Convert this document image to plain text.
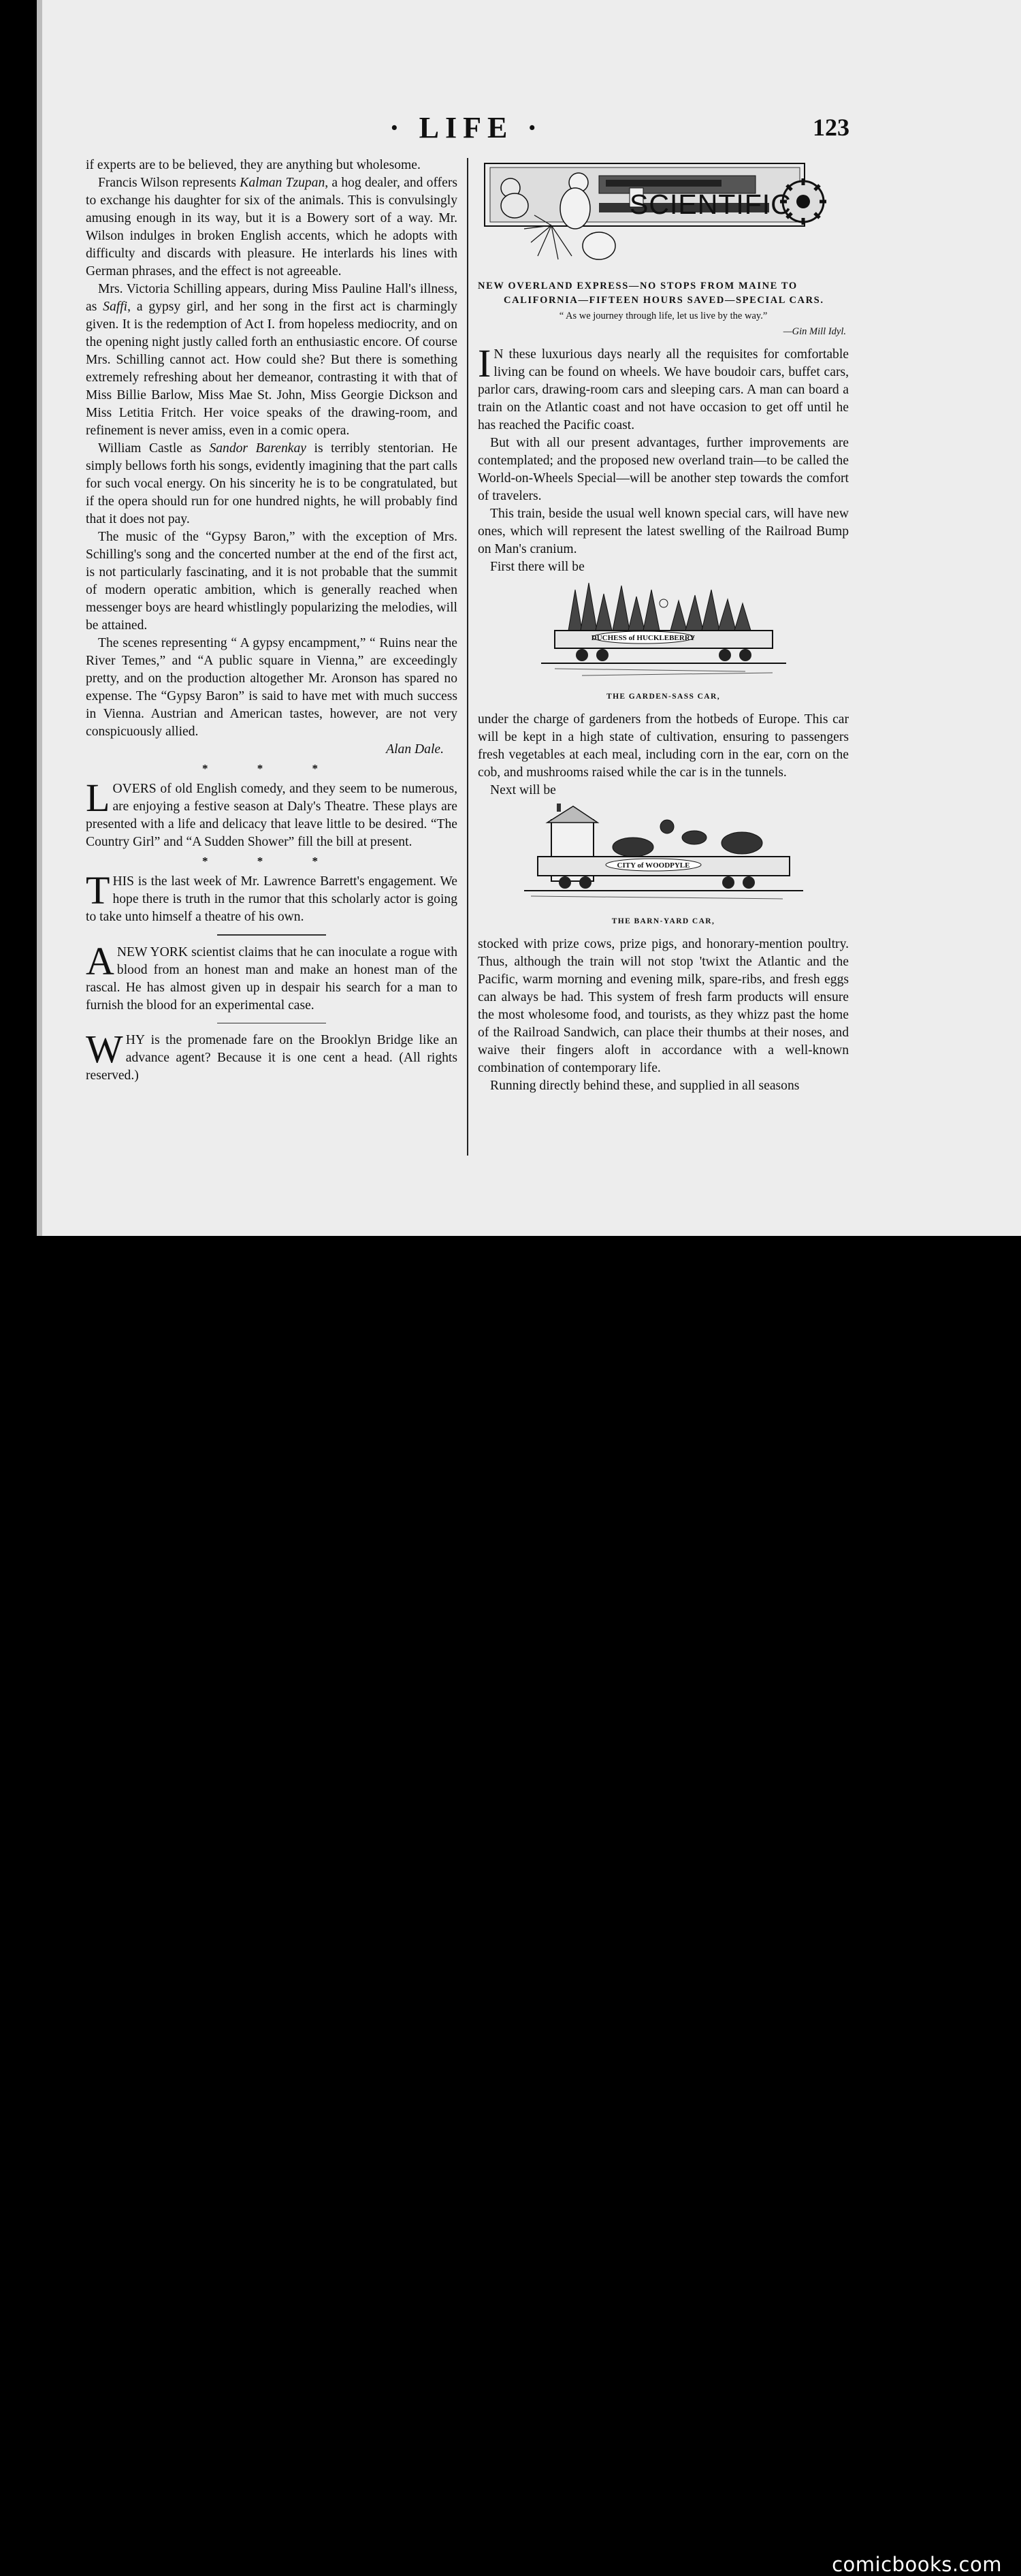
· LIFE ·	123

if experts are to be believed, they are anything but wholesome.

Francis Wilson represents Kalman Tzupan, a hog dealer, and offers to exchange his daughter for six of the animals. This is convulsingly amusing enough in its way, but it is a Bowery sort of a way. Mr. Wilson indulges in broken English accents, which he adopts with difficulty and discards with pleasure. He interlards his lines with German phrases, and the effect is not agreeable.

Mrs. Victoria Schilling appears, during Miss Pauline Hall's illness, as Saffi, a gypsy girl, and her song in the first act is charmingly given. It is the redemption of Act I. from hopeless mediocrity, and on the opening night justly called forth an enthusiastic encore. Of course Mrs. Schilling cannot act. How could she? But there is something extremely refreshing about her demeanor, contrasting it with that of Miss Billie Barlow, Miss Mae St. John, Miss Georgie Dickson and Miss Letitia Fritch. Her voice speaks of the drawing-room, and refinement is never amiss, even in a comic opera.

William Castle as Sandor Barenkay is terribly stentorian. He simply bellows forth his songs, evidently imagining that the part calls for such vocal energy. On his sincerity he is to be congratulated, but if the opera should run for one hundred nights, he will probably find that it does not pay.

The music of the “Gypsy Baron,” with the exception of Mrs. Schilling's song and the concerted number at the end of the first act, is not particularly fascinating, and it is not probable that the summit of modern operatic ambition, which is generally reached when messenger boys are heard whistlingly popularizing the melodies, will be attained.

The scenes representing “ A gypsy encampment,” “ Ruins near the River Temes,” and “A public square in Vienna,” are exceedingly pretty, and on the production altogether Mr. Aronson has spared no expense. The “Gypsy Baron” is said to have met with much success in Vienna. Austrian and American tastes, however, are not very conspicuously allied.

Alan Dale.
* * *

LOVERS of old English comedy, and they seem to be numerous, are enjoying a festive season at Daly's Theatre. These plays are presented with a life and delicacy that leave little to be desired. “The Country Girl” and “A Sudden Shower” fill the bill at present.

* * *

THIS is the last week of Mr. Lawrence Barrett's engagement. We hope there is truth in the rumor that this scholarly actor is going to take unto himself a theatre of his own.

ANEW YORK scientist claims that he can inoculate a rogue with blood from an honest man and make an honest man of the rascal. He has almost given up in despair his search for a man to furnish the blood for an experimental case.

WHY is the promenade fare on the Brooklyn Bridge like an advance agent? Because it is one cent a head. (All rights reserved.)

SCIENTIFIC
NEW OVERLAND EXPRESS—NO STOPS FROM MAINE TO
CALIFORNIA—FIFTEEN HOURS SAVED—SPECIAL CARS.
“ As we journey through life, let us live by the way.”
—Gin Mill Idyl.

I N these luxurious days nearly all the requisites for comfortable living can be found on wheels. We have boudoir cars, buffet cars, parlor cars, drawing-room cars and sleeping cars. A man can board a train on the Atlantic coast and not have occasion to get off until he has reached the Pacific coast.

But with all our present advantages, further improvements are contemplated; and the proposed new overland train—to be called the World-on-Wheels Special—will be another step towards the comfort of travelers.

This train, beside the usual well known special cars, will have new ones, which will represent the latest swelling of the Railroad Bump on Man's cranium.

First there will be

DUCHESS of HUCKLEBERRY
THE GARDEN-SASS CAR,

under the charge of gardeners from the hotbeds of Europe. This car will be kept in a high state of cultivation, ensuring to passengers fresh vegetables at each meal, including corn in the ear, corn on the cob, and mushrooms raised while the car is in the tunnels.

Next will be

CITY of WOODPYLE
THE BARN-YARD CAR,

stocked with prize cows, prize pigs, and honorary-mention poultry. Thus, although the train will not stop 'twixt the Atlantic and the Pacific, warm morning and evening milk, spare-ribs, and fresh eggs can always be had. This system of fresh farm products will ensure the most wholesome food, and tourists, as they whizz past the home of the Railroad Sandwich, can place their thumbs at their noses, and waive their fingers aloft in accordance with a well-known combination of contemporary life.

Running directly behind these, and supplied in all seasons

comicbooks.com
